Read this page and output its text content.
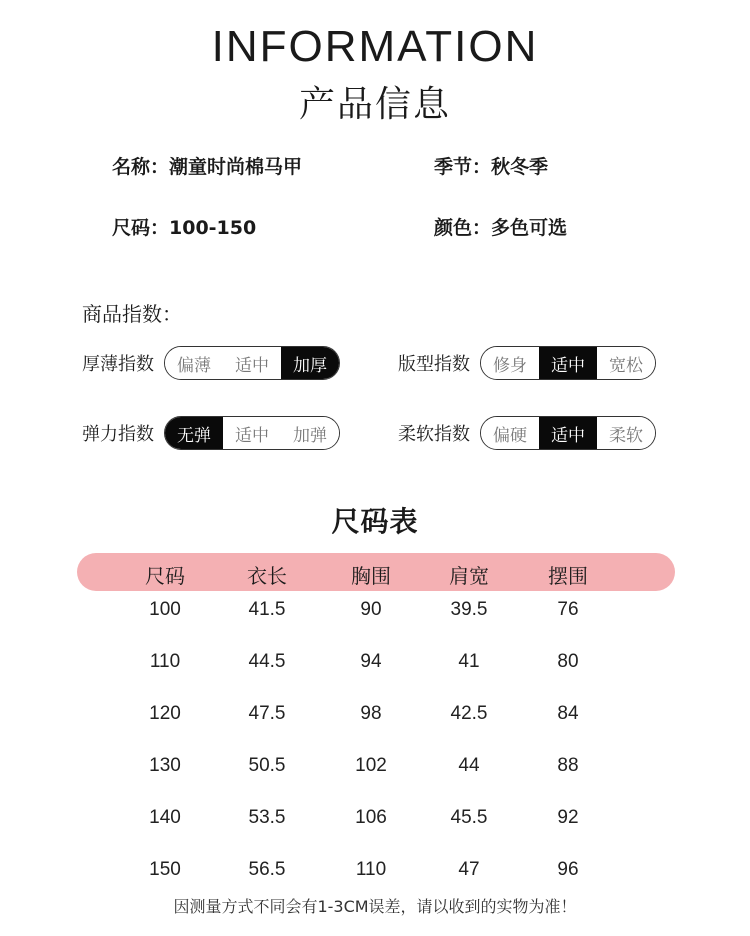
INFORMATION
产品信息
名称：潮童时尚棉马甲	季节：秋冬季
尺码：100-150	颜色：多色可选
商品指数：
厚薄指数	偏薄	适中	加厚	版型指数	修身	适中	宽松
弹力指数	无弹	适中	加弹	柔软指数	偏硬	适中	柔软
尺码表
尺码	衣长	胸围	肩宽	摆围
100	41.5	90	39.5	76
110	44.5	94	41	80
120	47.5	98	42.5	84
130	50.5	102	44	88
140	53.5	106	45.5	92
150	56.5	110	47	96
因测量方式不同会有1-3CM误差，请以收到的实物为准！
